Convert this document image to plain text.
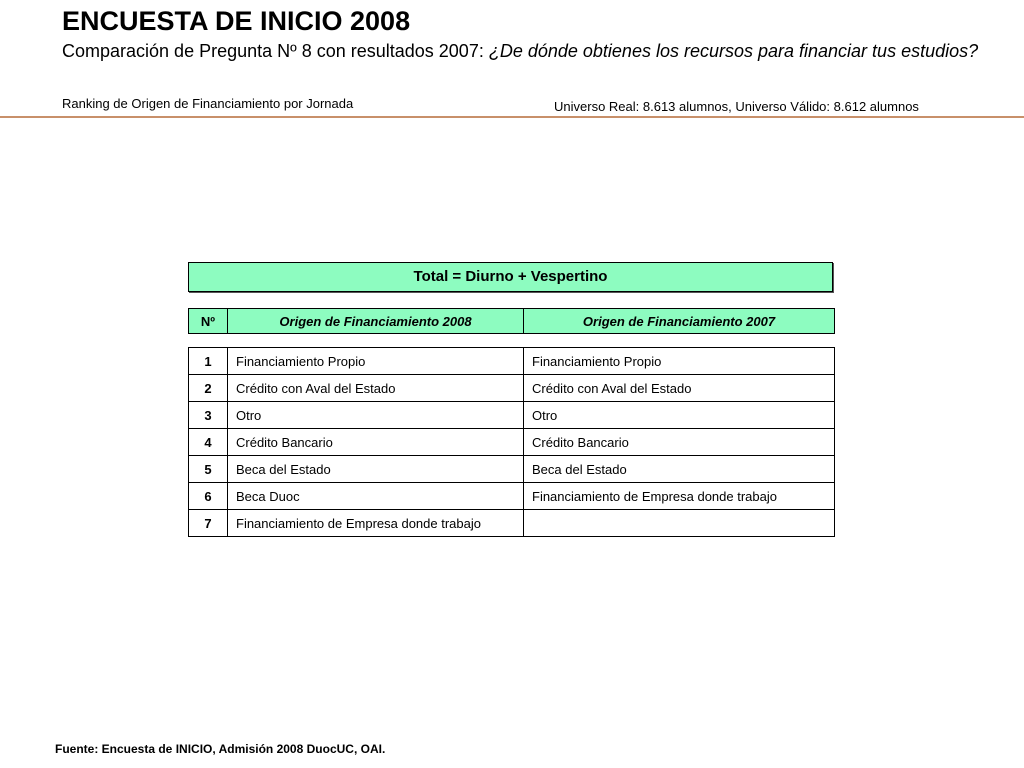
ENCUESTA DE INICIO 2008
Comparación de Pregunta Nº 8 con resultados 2007: ¿De dónde obtienes los recursos para financiar tus estudios?
Ranking de Origen de Financiamiento por Jornada	Universo Real: 8.613 alumnos, Universo Válido: 8.612 alumnos
Total = Diurno + Vespertino
Nº	Origen de Financiamiento 2008	Origen de Financiamiento 2007
1	Financiamiento Propio	Financiamiento Propio
2	Crédito con Aval del Estado	Crédito con Aval del Estado
3	Otro	Otro
4	Crédito Bancario	Crédito Bancario
5	Beca del Estado	Beca del Estado
6	Beca Duoc	Financiamiento de Empresa donde trabajo
7	Financiamiento de Empresa donde trabajo	
Fuente: Encuesta de INICIO, Admisión 2008 DuocUC, OAI.
